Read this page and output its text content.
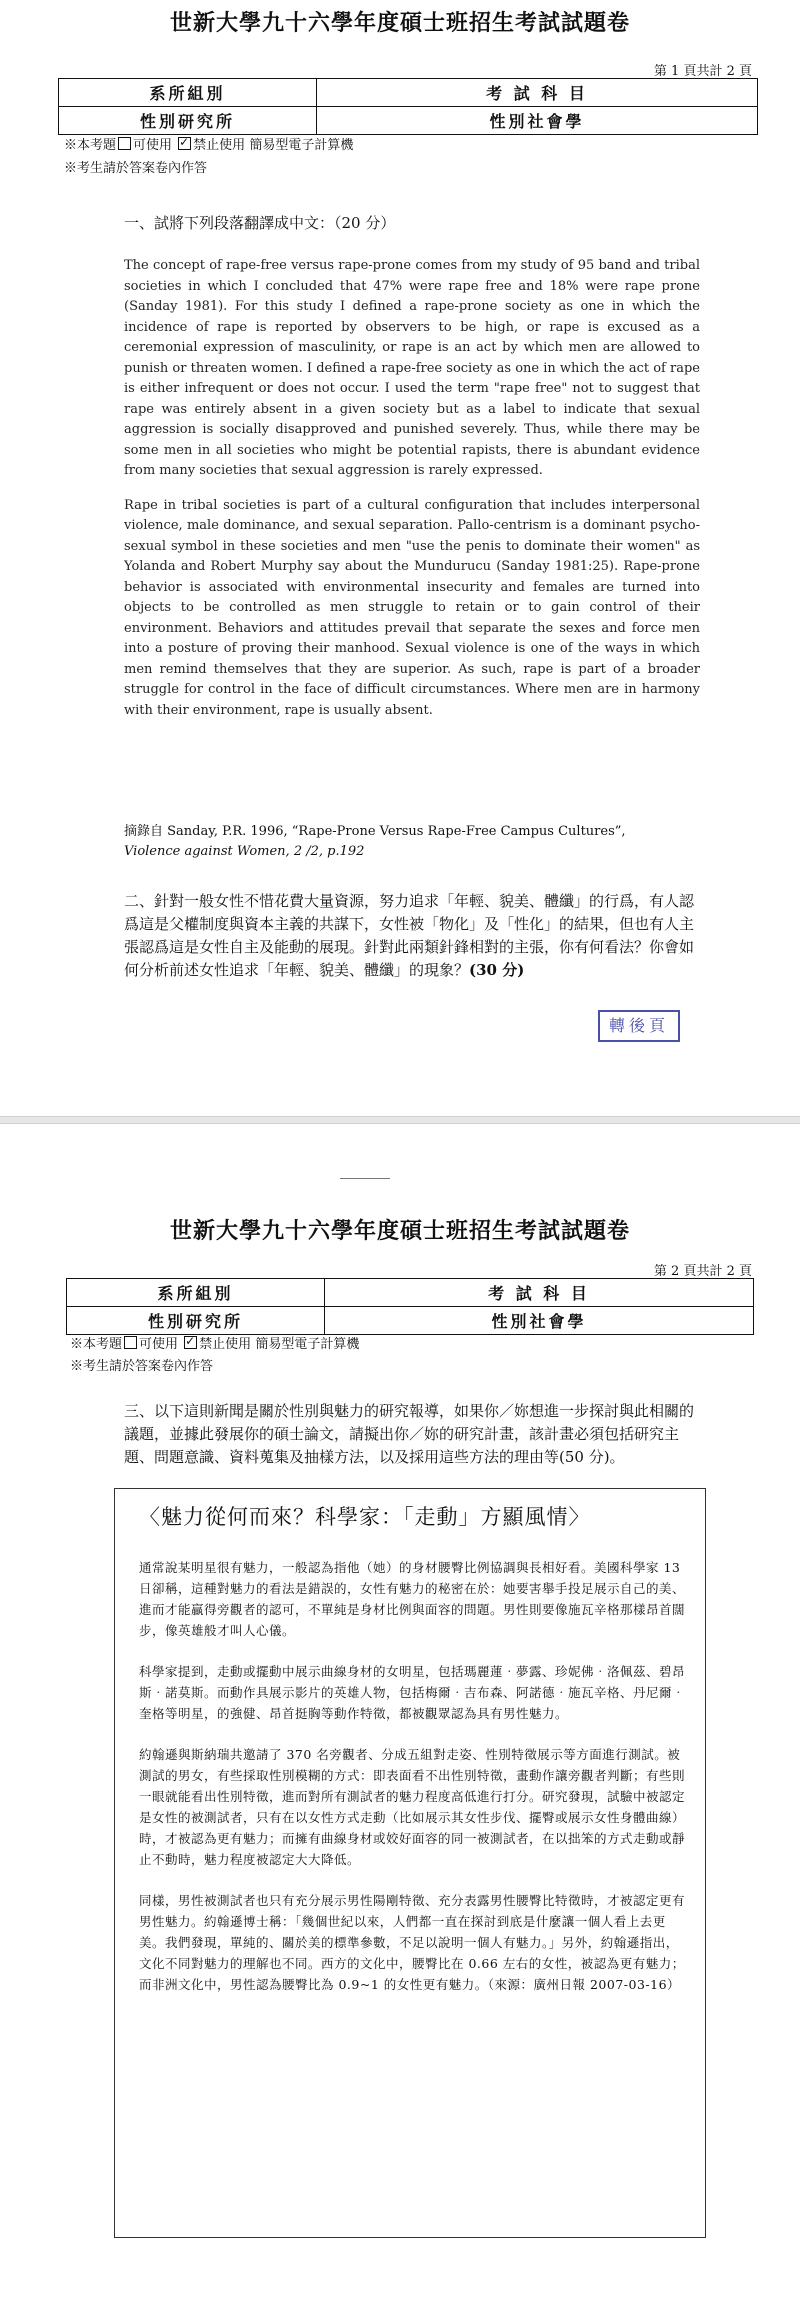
世新大學九十六學年度碩士班招生考試試題卷
第 1 頁共計 2 頁
系所組別	考 試 科 目
性別研究所	性別社會學
※本考題 可使用 ✓ 禁止使用 簡易型電子計算機
※考生請於答案卷內作答
一、試將下列段落翻譯成中文：（20 分）

The concept of rape-free versus rape-prone comes from my study of 95 band and tribal societies in which I concluded that 47% were rape free and 18% were rape prone (Sanday 1981). For this study I defined a rape-prone society as one in which the incidence of rape is reported by observers to be high, or rape is excused as a ceremonial expression of masculinity, or rape is an act by which men are allowed to punish or threaten women. I defined a rape-free society as one in which the act of rape is either infrequent or does not occur. I used the term "rape free" not to suggest that rape was entirely absent in a given society but as a label to indicate that sexual aggression is socially disapproved and punished severely. Thus, while there may be some men in all societies who might be potential rapists, there is abundant evidence from many societies that sexual aggression is rarely expressed.

Rape in tribal societies is part of a cultural configuration that includes interpersonal violence, male dominance, and sexual separation. Pallo-centrism is a dominant psycho-sexual symbol in these societies and men "use the penis to dominate their women" as Yolanda and Robert Murphy say about the Mundurucu (Sanday 1981:25). Rape-prone behavior is associated with environmental insecurity and females are turned into objects to be controlled as men struggle to retain or to gain control of their environment. Behaviors and attitudes prevail that separate the sexes and force men into a posture of proving their manhood. Sexual violence is one of the ways in which men remind themselves that they are superior. As such, rape is part of a broader struggle for control in the face of difficult circumstances. Where men are in harmony with their environment, rape is usually absent.

摘錄自 Sanday, P.R. 1996, “Rape-Prone Versus Rape-Free Campus Cultures”,
Violence against Women, 2 /2, p.192
二、針對一般女性不惜花費大量資源，努力追求「年輕、貌美、體纖」的行爲，有人認爲這是父權制度與資本主義的共謀下，女性被「物化」及「性化」的結果，但也有人主張認爲這是女性自主及能動的展現。針對此兩類針鋒相對的主張，你有何看法？你會如何分析前述女性追求「年輕、貌美、體纖」的現象？(30 分)
轉後頁
世新大學九十六學年度碩士班招生考試試題卷
第 2 頁共計 2 頁
系所組別	考 試 科 目
性別研究所	性別社會學
※本考題 可使用 ✓ 禁止使用 簡易型電子計算機
※考生請於答案卷內作答
三、以下這則新聞是關於性別與魅力的研究報導，如果你／妳想進一步探討與此相關的議題，並據此發展你的碩士論文，請擬出你／妳的研究計畫，該計畫必須包括研究主題、問題意識、資料蒐集及抽樣方法，以及採用這些方法的理由等(50 分)。
〈魅力從何而來？科學家：「走動」方顯風情〉

通常說某明星很有魅力，一般認為指他（她）的身材腰臀比例協調與長相好看。美國科學家 13 日卻稱，這種對魅力的看法是錯誤的，女性有魅力的秘密在於：她要害舉手投足展示自己的美、進而才能贏得旁觀者的認可，不單純是身材比例與面容的問題。男性則要像施瓦辛格那樣昂首闊步，像英雄般才叫人心儀。

科學家提到，走動或擺動中展示曲線身材的女明星，包括瑪麗蓮‧夢露、珍妮佛‧洛佩茲、碧昂斯‧諾莫斯。而動作具展示影片的英雄人物，包括梅爾‧吉布森、阿諾德‧施瓦辛格、丹尼爾‧奎格等明星，的強健、昂首挺胸等動作特徵，都被觀眾認為具有男性魅力。

約翰遜與斯納瑞共邀請了 370 名旁觀者、分成五組對走姿、性別特徵展示等方面進行測試。被測試的男女，有些採取性別模糊的方式：即表面看不出性別特徵，畫動作讓旁觀者判斷；有些則一眼就能看出性別特徵，進而對所有測試者的魅力程度高低進行打分。研究發現，試驗中被認定是女性的被測試者，只有在以女性方式走動（比如展示其女性步伐、擺臀或展示女性身體曲線）時，才被認為更有魅力；而擁有曲線身材或姣好面容的同一被測試者，在以拙笨的方式走動或靜止不動時，魅力程度被認定大大降低。

同樣，男性被測試者也只有充分展示男性陽剛特徵、充分表露男性腰臀比特徵時，才被認定更有男性魅力。約翰遜博士稱：「幾個世紀以來，人們都一直在探討到底是什麼讓一個人看上去更美。我們發現，單純的、關於美的標準參數，不足以說明一個人有魅力。」另外，約翰遜指出，文化不同對魅力的理解也不同。西方的文化中，腰臀比在 0.66 左右的女性，被認為更有魅力；而非洲文化中，男性認為腰臀比為 0.9~1 的女性更有魅力。（來源：廣州日報 2007-03-16）
